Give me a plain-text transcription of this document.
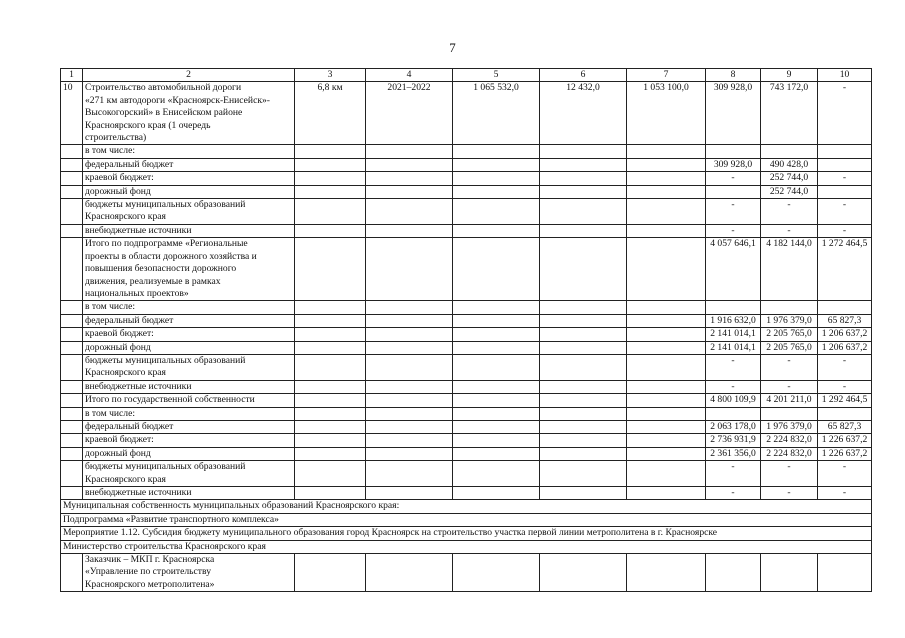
7
1	2	3	4	5	6	7	8	9	10
10	Строительство автомобильной дороги
«271 км автодороги «Красноярск-Енисейск»-
Высокогорский» в Енисейском районе
Красноярского края (1 очередь
строительства)	6,8 км	2021–2022	1 065 532,0	12 432,0	1 053 100,0	309 928,0	743 172,0	-
	в том числе:								
	федеральный бюджет						309 928,0	490 428,0	
	краевой бюджет:						-	252 744,0	-
	дорожный фонд							252 744,0	
	бюджеты муниципальных образований Красноярского края						-	-	-
	внебюджетные источники						-	-	-

	Итого по подпрограмме «Региональные
проекты в области дорожного хозяйства и
повышения безопасности дорожного
движения, реализуемые в рамках
национальных проектов»						4 057 646,1	4 182 144,0	1 272 464,5
	в том числе:								
	федеральный бюджет						1 916 632,0	1 976 379,0	65 827,3
	краевой бюджет:						2 141 014,1	2 205 765,0	1 206 637,2
	дорожный фонд						2 141 014,1	2 205 765,0	1 206 637,2
	бюджеты муниципальных образований Красноярского края						-	-	-
	внебюджетные источники						-	-	-
	Итого по государственной собственности						4 800 109,9	4 201 211,0	1 292 464,5
	в том числе:								
	федеральный бюджет						2 063 178,0	1 976 379,0	65 827,3
	краевой бюджет:						2 736 931,9	2 224 832,0	1 226 637,2
	дорожный фонд						2 361 356,0	2 224 832,0	1 226 637,2
	бюджеты муниципальных образований Красноярского края						-	-	-
	внебюджетные источники						-	-	-
Муниципальная собственность муниципальных образований Красноярского края:									
Подпрограмма «Развитие транспортного комплекса»									
Мероприятие 1.12. Субсидия бюджету муниципального образования город Красноярск на строительство участка первой линии метрополитена в г. Красноярске									
Министерство строительства Красноярского края									

	Заказчик – МКП г. Красноярска
«Управление по строительству
Красноярского метрополитена»								
